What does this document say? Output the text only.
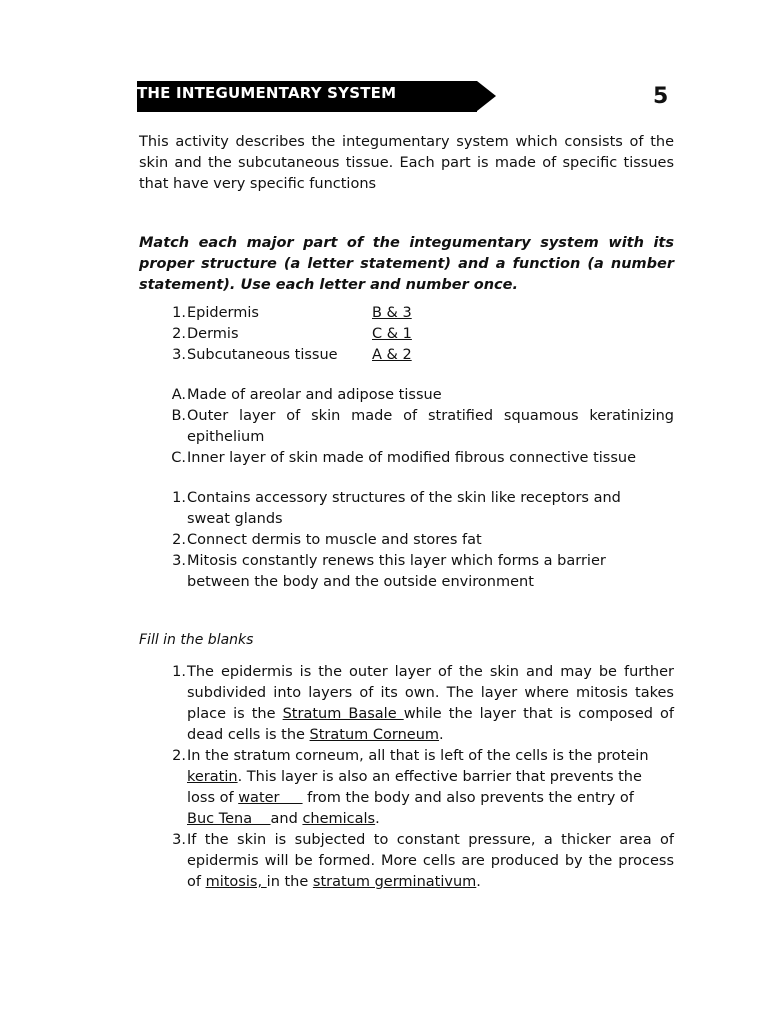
THE INTEGUMENTARY SYSTEM	5
This activity describes the integumentary system which consists of the skin and the subcutaneous tissue. Each part is made of specific tissues that have very specific functions
Match each major part of the integumentary system with its proper structure (a letter statement) and a function (a number statement). Use each letter and number once.
1. Epidermis	B & 3
2. Dermis	C & 1
3. Subcutaneous tissue	A & 2
A. Made of areolar and adipose tissue
B. Outer layer of skin made of stratified squamous keratinizing epithelium
C. Inner layer of skin made of modified fibrous connective tissue
1. Contains accessory structures of the skin like receptors and sweat glands
2. Connect dermis to muscle and stores fat
3. Mitosis constantly renews this layer which forms a barrier between the body and the outside environment
Fill in the blanks
1. The epidermis is the outer layer of the skin and may be further subdivided into layers of its own. The layer where mitosis takes place is the Stratum Basale while the layer that is composed of dead cells is the Stratum Corneum.
2. In the stratum corneum, all that is left of the cells is the protein keratin. This layer is also an effective barrier that prevents the loss of water      from the body and also prevents the entry of
Buc Tena    and chemicals.
3. If the skin is subjected to constant pressure, a thicker area of epidermis will be formed. More cells are produced by the process of mitosis, in the stratum germinativum.
